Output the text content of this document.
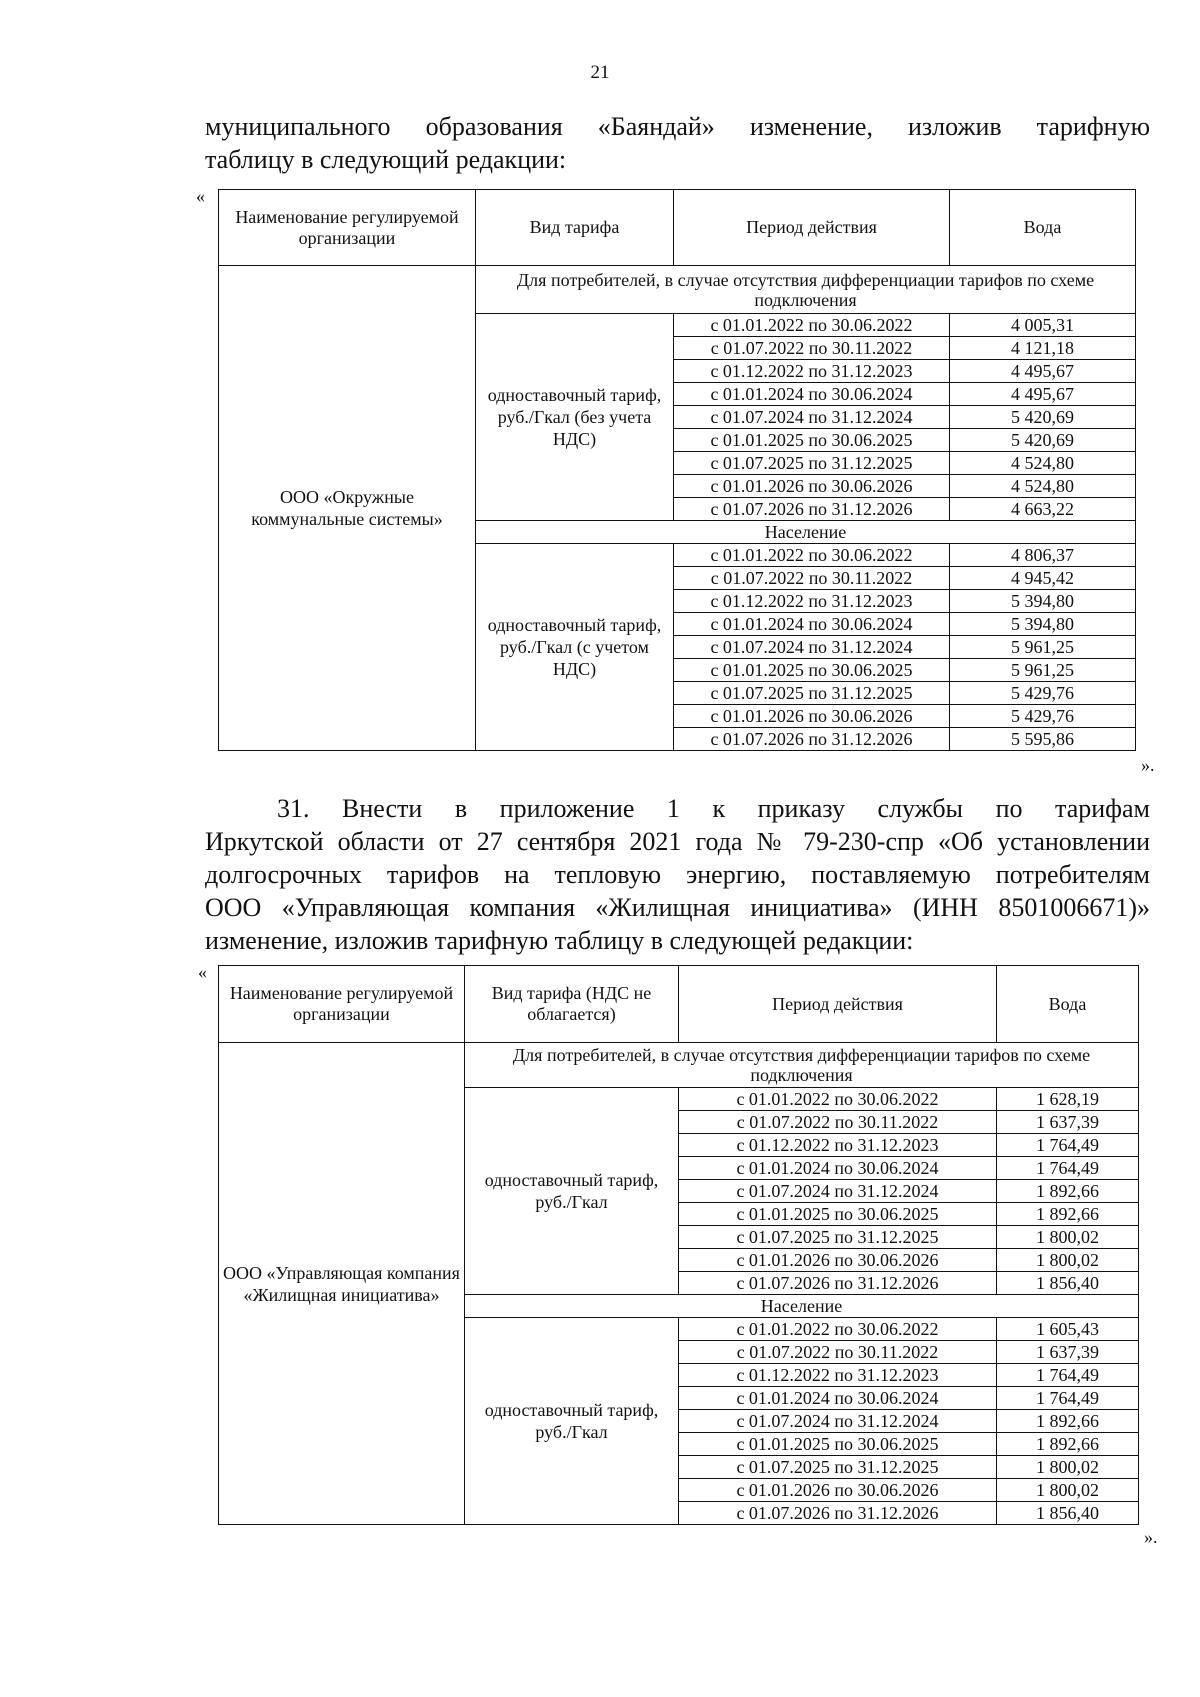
21
муниципального образования «Баяндай» изменение, изложив тарифную
таблицу в следующий редакции:
«
Наименование регулируемой организации	Вид тарифа	Период действия	Вода
ООО «Окружные коммунальные системы»	Для потребителей, в случае отсутствия дифференциации тарифов по схеме подключения		
	одноставочный тариф, руб./Гкал (без учета НДС)	с 01.01.2022 по 30.06.2022	4 005,31
		с 01.07.2022 по 30.11.2022	4 121,18
		с 01.12.2022 по 31.12.2023	4 495,67
		с 01.01.2024 по 30.06.2024	4 495,67
		с 01.07.2024 по 31.12.2024	5 420,69
		с 01.01.2025 по 30.06.2025	5 420,69
		с 01.07.2025 по 31.12.2025	4 524,80
		с 01.01.2026 по 30.06.2026	4 524,80
		с 01.07.2026 по 31.12.2026	4 663,22
	Население		
	одноставочный тариф, руб./Гкал (с учетом НДС)	с 01.01.2022 по 30.06.2022	4 806,37
		с 01.07.2022 по 30.11.2022	4 945,42
		с 01.12.2022 по 31.12.2023	5 394,80
		с 01.01.2024 по 30.06.2024	5 394,80
		с 01.07.2024 по 31.12.2024	5 961,25
		с 01.01.2025 по 30.06.2025	5 961,25
		с 01.07.2025 по 31.12.2025	5 429,76
		с 01.01.2026 по 30.06.2026	5 429,76
		с 01.07.2026 по 31.12.2026	5 595,86
».
31. Внести в приложение 1 к приказу службы по тарифам
Иркутской области от 27 сентября 2021 года № 79-230-спр «Об установлении
долгосрочных тарифов на тепловую энергию, поставляемую потребителям
ООО «Управляющая компания «Жилищная инициатива» (ИНН 8501006671)»
изменение, изложив тарифную таблицу в следующей редакции:
«
Наименование регулируемой организации	Вид тарифа (НДС не облагается)	Период действия	Вода
ООО «Управляющая компания «Жилищная инициатива»	Для потребителей, в случае отсутствия дифференциации тарифов по схеме подключения		
	одноставочный тариф, руб./Гкал	с 01.01.2022 по 30.06.2022	1 628,19
		с 01.07.2022 по 30.11.2022	1 637,39
		с 01.12.2022 по 31.12.2023	1 764,49
		с 01.01.2024 по 30.06.2024	1 764,49
		с 01.07.2024 по 31.12.2024	1 892,66
		с 01.01.2025 по 30.06.2025	1 892,66
		с 01.07.2025 по 31.12.2025	1 800,02
		с 01.01.2026 по 30.06.2026	1 800,02
		с 01.07.2026 по 31.12.2026	1 856,40
	Население		
	одноставочный тариф, руб./Гкал	с 01.01.2022 по 30.06.2022	1 605,43
		с 01.07.2022 по 30.11.2022	1 637,39
		с 01.12.2022 по 31.12.2023	1 764,49
		с 01.01.2024 по 30.06.2024	1 764,49
		с 01.07.2024 по 31.12.2024	1 892,66
		с 01.01.2025 по 30.06.2025	1 892,66
		с 01.07.2025 по 31.12.2025	1 800,02
		с 01.01.2026 по 30.06.2026	1 800,02
		с 01.07.2026 по 31.12.2026	1 856,40
».
